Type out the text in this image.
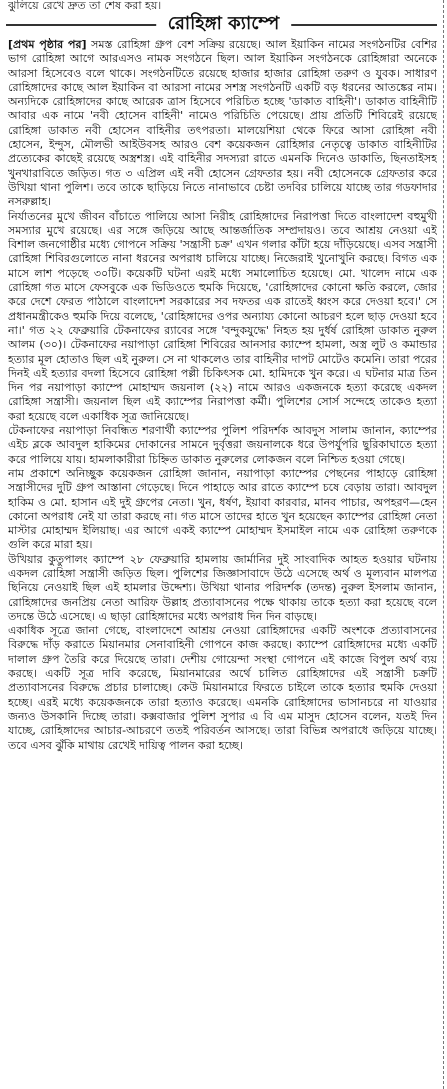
ঝুলিয়ে রেখে দ্রুত তা শেষ করা হয়।
রোহিঙ্গা ক্যাম্পে

[প্রথম পৃষ্ঠার পর] সমস্ত রোহিঙ্গা গ্রুপ বেশ সক্রিয় রয়েছে। আল ইয়াকিন নামের সংগঠনটির বেশির ভাগ রোহিঙ্গা আগে আরএসও নামক সংগঠনে ছিল। আল ইয়াকিন সংগঠনকে রোহিঙ্গারা অনেকে আরসা হিসেবেও বলে থাকে। সংগঠনটিতে রয়েছে হাজার হাজার রোহিঙ্গা তরুণ ও যুবক। সাধারণ রোহিঙ্গাদের কাছে আল ইয়াকিন বা আরসা নামের সশস্ত্র সংগঠনটি একটি বড় ধরনের আতঙ্কের নাম। অন্যদিকে রোহিঙ্গাদের কাছে আরেক ত্রাস হিসেবে পরিচিত হচ্ছে 'ডাকাত বাহিনী'। ডাকাত বাহিনীটি আবার এক নামে 'নবী হোসেন বাহিনী' নামেও পরিচিতি পেয়েছে। প্রায় প্রতিটি শিবিরেই রয়েছে রোহিঙ্গা ডাকাত নবী হোসেন বাহিনীর তৎপরতা। মালয়েশিয়া থেকে ফিরে আসা রোহিঙ্গা নবী হোসেন, ইন্দুস, মৌলভী আইউবসহ আরও বেশ কয়েকজন রোহিঙ্গার নেতৃত্বে ডাকাত বাহিনীটির প্রত্যেকের কাছেই রয়েছে অস্ত্রশস্ত্র। এই বাহিনীর সদস্যরা রাতে এমনকি দিনেও ডাকাতি, ছিনতাইসহ খুনখারাবিতে জড়িত। গত ৩ এপ্রিল এই নবী হোসেন গ্রেফতার হয়। নবী হোসেনকে গ্রেফতার করে উখিয়া থানা পুলিশ। তবে তাকে ছাড়িয়ে নিতে নানাভাবে চেষ্টা তদবির চালিয়ে যাচ্ছে তার গডফাদার নসরুল্লাহ।

নির্যাতনের মুখে জীবন বাঁচাতে পালিয়ে আসা নিরীহ রোহিঙ্গাদের নিরাপত্তা দিতে বাংলাদেশ বহুমুখী সমস্যার মুখে রয়েছে। এর সঙ্গে জড়িয়ে আছে আন্তর্জাতিক সম্প্রদায়ও। তবে আশ্রয় নেওয়া এই বিশাল জনগোষ্ঠীর মধ্যে গোপনে সক্রিয় 'সন্ত্রাসী চক্র' এখন গলার কাঁটা হয়ে দাঁড়িয়েছে। এসব সন্ত্রাসী রোহিঙ্গা শিবিরগুলোতে নানা ধরনের অপরাধ চালিয়ে যাচ্ছে। নিজেরাই খুনোখুনি করছে। বিগত এক মাসে লাশ পড়েছে ৩০টি। কয়েকটি ঘটনা এরই মধ্যে সমালোচিত হয়েছে। মো. খালেদ নামে এক রোহিঙ্গা গত মাসে ফেসবুকে এক ভিডিওতে হুমকি দিয়েছে, 'রোহিঙ্গাদের কোনো ক্ষতি করলে, জোর করে দেশে ফেরত পাঠালে বাংলাদেশ সরকারের সব দফতর এক রাতেই ধ্বংস করে দেওয়া হবে।' সে প্রধানমন্ত্রীকেও হুমকি দিয়ে বলেছে, 'রোহিঙ্গাদের ওপর অন্যায্য কোনো আচরণ হলে ছাড় দেওয়া হবে না।' গত ২২ ফেব্রুয়ারি টেকনাফের র‌্যাবের সঙ্গে 'বন্দুকযুদ্ধে' নিহত হয় দুর্ধর্ষ রোহিঙ্গা ডাকাত নুরুল আলম (৩০)। টেকনাফের নয়াপাড়া রোহিঙ্গা শিবিরের আনসার ক্যাম্পে হামলা, অস্ত্র লুট ও কমান্ডার হত্যার মূল হোতাও ছিল এই নুরুল। সে না থাকলেও তার বাহিনীর দাপট মোটেও কমেনি। তারা পরের দিনই এই হত্যার বদলা হিসেবে রোহিঙ্গা পল্লী চিকিৎসক মো. হামিদকে খুন করে। এ ঘটনার মাত্র তিন দিন পর নয়াপাড়া ক্যাম্পে মোহাম্মদ জয়নাল (২২) নামে আরও একজনকে হত্যা করেছে একদল রোহিঙ্গা সন্ত্রাসী। জয়নাল ছিল এই ক্যাম্পের নিরাপত্তা কর্মী। পুলিশের সোর্স সন্দেহে তাকেও হত্যা করা হয়েছে বলে একাধিক সূত্র জানিয়েছে।

টেকনাফের নয়াপাড়া নিবন্ধিত শরণার্থী ক্যাম্পের পুলিশ পরিদর্শক আবদুস সালাম জানান, ক্যাম্পের এইচ ব্লকে আবদুল হাকিমের দোকানের সামনে দুর্বৃত্তরা জয়নালকে ধরে উপর্যুপরি ছুরিকাঘাতে হত্যা করে পালিয়ে যায়। হামলাকারীরা চিহ্নিত ডাকাত নুরুলের লোকজন বলে নিশ্চিত হওয়া গেছে।

নাম প্রকাশে অনিচ্ছুক কয়েকজন রোহিঙ্গা জানান, নয়াপাড়া ক্যাম্পের পেছনের পাহাড়ে রোহিঙ্গা সন্ত্রাসীদের দুটি গ্রুপ আস্তানা গেড়েছে। দিনে পাহাড়ে আর রাতে ক্যাম্পে চষে বেড়ায় তারা। আবদুল হাকিম ও মো. হাসান এই দুই গ্রুপের নেতা। খুন, ধর্ষণ, ইয়াবা কারবার, মানব পাচার, অপহরণ—হেন কোনো অপরাধ নেই যা তারা করছে না। গত মাসে তাদের হাতে খুন হয়েছেন ক্যাম্পের রোহিঙ্গা নেতা মাস্টার মোহাম্মদ ইলিয়াছ। এর আগে একই ক্যাম্পে মোহাম্মদ ইসমাইল নামে এক রোহিঙ্গা তরুণকে গুলি করে মারা হয়।

উখিয়ার কুতুপালং ক্যাম্পে ২৮ ফেব্রুয়ারি হামলায় জার্মানির দুই সাংবাদিক আহত হওয়ার ঘটনায় একদল রোহিঙ্গা সন্ত্রাসী জড়িত ছিল। পুলিশের জিজ্ঞাসাবাদে উঠে এসেছে অর্থ ও মূল্যবান মালপত্র ছিনিয়ে নেওয়াই ছিল এই হামলার উদ্দেশ্য। উখিয়া থানার পরিদর্শক (তদন্ত) নুরুল ইসলাম জানান, রোহিঙ্গাদের জনপ্রিয় নেতা আরিফ উল্লাহ প্রত্যাবাসনের পক্ষে থাকায় তাকে হত্যা করা হয়েছে বলে তদন্তে উঠে এসেছে। এ ছাড়া রোহিঙ্গাদের মধ্যে অপরাধ দিন দিন বাড়ছে।

একাধিক সূত্রে জানা গেছে, বাংলাদেশে আশ্রয় নেওয়া রোহিঙ্গাদের একটি অংশকে প্রত্যাবাসনের বিরুদ্ধে দাঁড় করাতে মিয়ানমার সেনাবাহিনী গোপনে কাজ করছে। ক্যাম্পে রোহিঙ্গাদের মধ্যে একটি দালাল গ্রুপ তৈরি করে দিয়েছে তারা। দেশীয় গোয়েন্দা সংস্থা গোপনে এই কাজে বিপুল অর্থ ব্যয় করছে। একটি সূত্র দাবি করেছে, মিয়ানমারের অর্থে চালিত রোহিঙ্গাদের এই সন্ত্রাসী চক্রটি প্রত্যাবাসনের বিরুদ্ধে প্রচার চালাচ্ছে। কেউ মিয়ানমারে ফিরতে চাইলে তাকে হত্যার হুমকি দেওয়া হচ্ছে। এরই মধ্যে কয়েকজনকে তারা হত্যাও করেছে। এমনকি রোহিঙ্গাদের ভাসানচরে না যাওয়ার জন্যও উসকানি দিচ্ছে তারা। কক্সবাজার পুলিশ সুপার এ বি এম মাসুদ হোসেন বলেন, যতই দিন যাচ্ছে, রোহিঙ্গাদের আচার-আচরণে ততই পরিবর্তন আসছে। তারা বিভিন্ন অপরাধে জড়িয়ে যাচ্ছে। তবে এসব ঝুঁকি মাথায় রেখেই দায়িত্ব পালন করা হচ্ছে।
